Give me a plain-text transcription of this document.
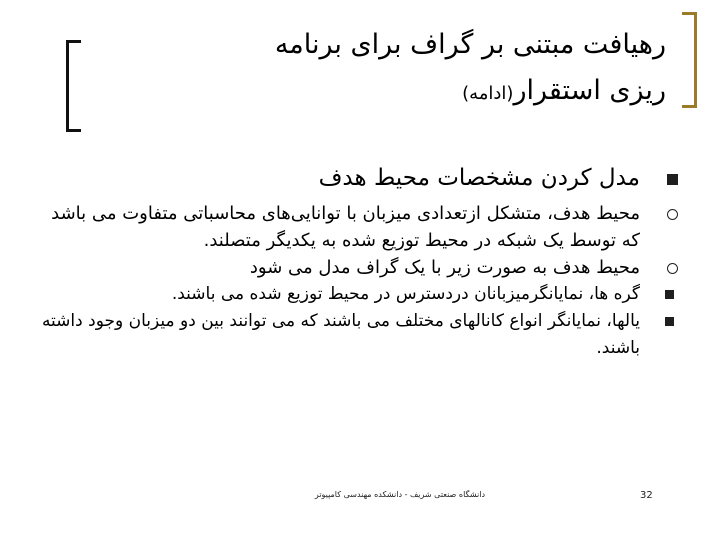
رهیافت مبتنی بر گراف برای برنامه
ریزی استقرار(ادامه)
مدل کردن مشخصات محیط هدف
محیط هدف، متشکل ازتعدادی میزبان با توانایی‌های محاسباتی متفاوت می باشد که توسط یک شبکه در محیط توزیع شده به یکدیگر متصلند.
محیط هدف به صورت زیر با یک گراف مدل می شود
گره ها، نمایانگرمیزبانان دردسترس در محیط توزیع شده می باشند.
یالها، نمایانگر انواع کانالهای مختلف می باشند که می توانند بین دو میزبان وجود داشته باشند.
دانشگاه صنعتی شریف - دانشکده مهندسی کامپیوتر	32
